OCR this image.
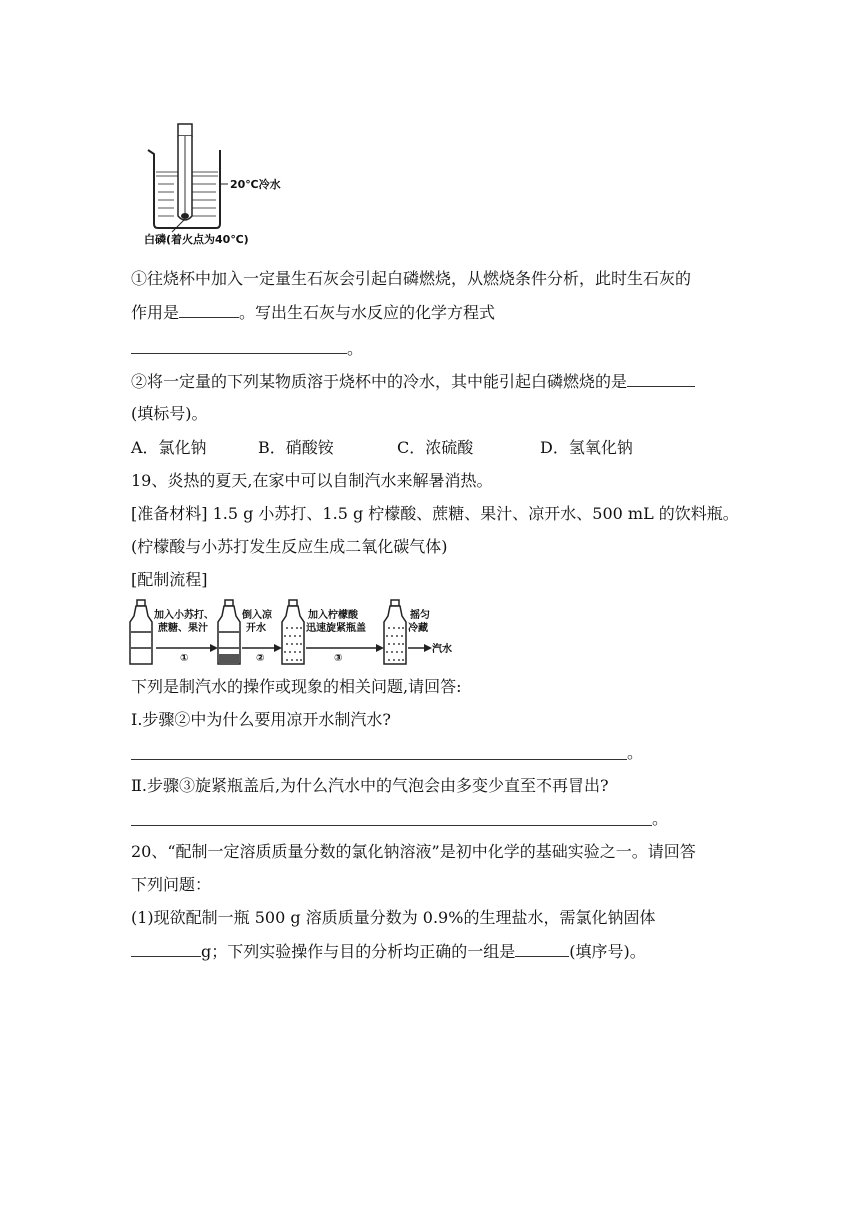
20℃冷水
白磷(着火点为40℃)
①往烧杯中加入一定量生石灰会引起白磷燃烧，从燃烧条件分析，此时生石灰的
作用是	。写出生石灰与水反应的化学方程式
。
②将一定量的下列某物质溶于烧杯中的冷水，其中能引起白磷燃烧的是
(填标号)。
A．氯化钠	B．硝酸铵	C．浓硫酸	D．氢氧化钠
19、炎热的夏天,在家中可以自制汽水来解暑消热。
[准备材料] 1.5 g 小苏打、1.5 g 柠檬酸、蔗糖、果汁、凉开水、500 mL 的饮料瓶。
(柠檬酸与小苏打发生反应生成二氧化碳气体)
[配制流程]
加入小苏打、
蔗糖、果汁
①
倒入凉
开水
②
加入柠檬酸
迅速旋紧瓶盖
③
摇匀
冷藏
汽水
下列是制汽水的操作或现象的相关问题,请回答:
Ⅰ.步骤②中为什么要用凉开水制汽水?
。
Ⅱ.步骤③旋紧瓶盖后,为什么汽水中的气泡会由多变少直至不再冒出?
。
20、“配制一定溶质质量分数的氯化钠溶液”是初中化学的基础实验之一。请回答
下列问题：
(1)现欲配制一瓶 500 g 溶质质量分数为 0.9%的生理盐水，需氯化钠固体
g；下列实验操作与目的分析均正确的一组是	(填序号)。
